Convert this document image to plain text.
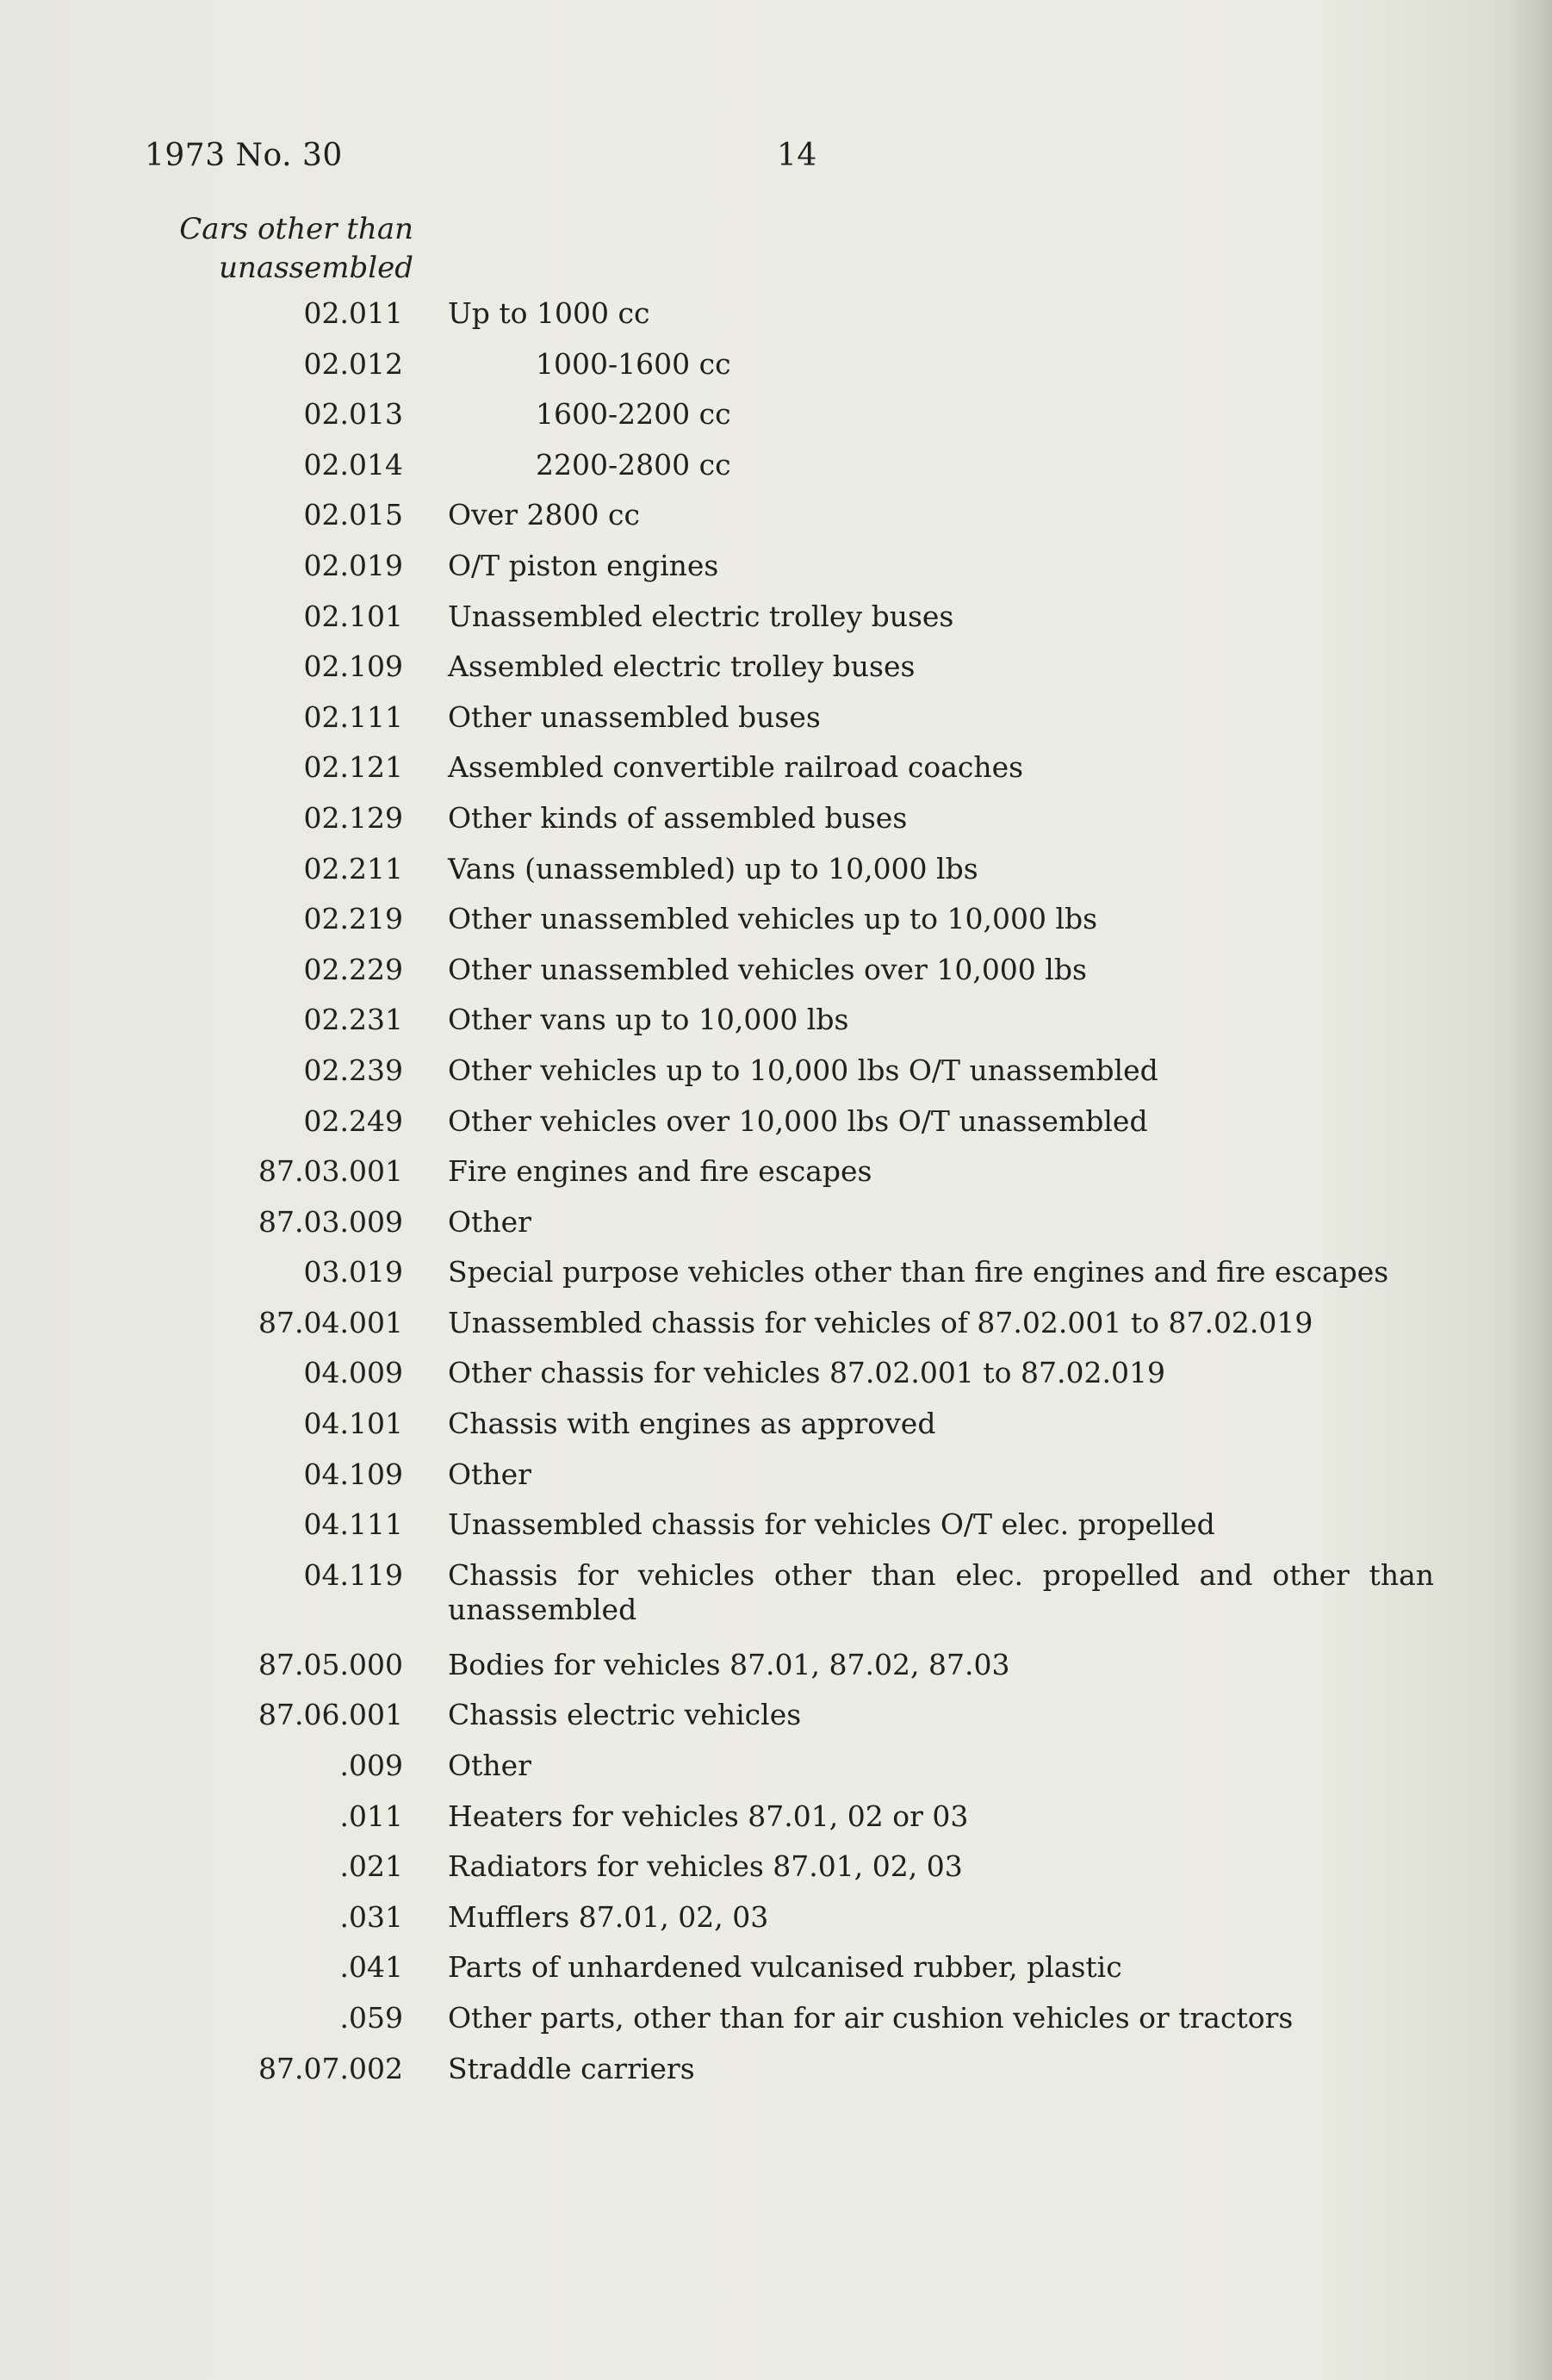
1973 No. 30	14
Cars other than
unassembled
02.011 Up to 1000 cc
02.012	1000-1600 cc
02.013	1600-2200 cc
02.014	2200-2800 cc
02.015 Over 2800 cc
02.019 O/T piston engines
02.101 Unassembled electric trolley buses
02.109 Assembled electric trolley buses
02.111 Other unassembled buses
02.121 Assembled convertible railroad coaches
02.129 Other kinds of assembled buses
02.211 Vans (unassembled) up to 10,000 lbs
02.219 Other unassembled vehicles up to 10,000 lbs
02.229 Other unassembled vehicles over 10,000 lbs
02.231 Other vans up to 10,000 lbs
02.239 Other vehicles up to 10,000 lbs O/T unassembled
02.249 Other vehicles over 10,000 lbs O/T unassembled
87.03.001 Fire engines and fire escapes
87.03.009 Other
03.019 Special purpose vehicles other than fire engines and fire escapes
87.04.001 Unassembled chassis for vehicles of 87.02.001 to 87.02.019
04.009 Other chassis for vehicles 87.02.001 to 87.02.019
04.101 Chassis with engines as approved
04.109 Other
04.111 Unassembled chassis for vehicles O/T elec. propelled
04.119 Chassis for vehicles other than elec. propelled and other than unassembled
87.05.000 Bodies for vehicles 87.01, 87.02, 87.03
87.06.001 Chassis electric vehicles
.009 Other
.011 Heaters for vehicles 87.01, 02 or 03
.021 Radiators for vehicles 87.01, 02, 03
.031 Mufflers 87.01, 02, 03
.041 Parts of unhardened vulcanised rubber, plastic
.059 Other parts, other than for air cushion vehicles or tractors
87.07.002 Straddle carriers
